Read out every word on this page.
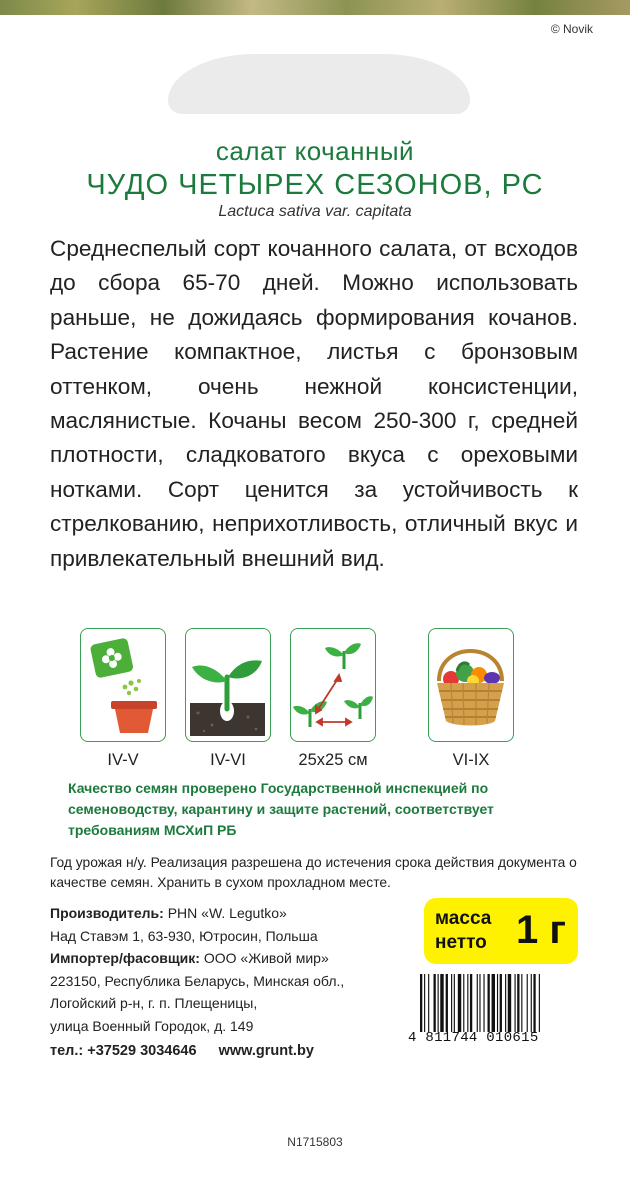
© Novik
салат кочанный
ЧУДО ЧЕТЫРЕХ СЕЗОНОВ, РС
Lactuca sativa var. capitata

Среднеспелый сорт кочанного салата, от всходов до сбора 65-70 дней. Можно использовать раньше, не дожидаясь формирования кочанов. Растение компактное, листья с бронзовым оттенком, очень нежной консистенции, маслянистые. Кочаны весом 250-300 г, средней плотности, сладковатого вкуса с ореховыми нотками. Сорт ценится за устойчивость к стрелкованию, неприхотливость, отличный вкус и привлекательный внешний вид.

IV-V	IV-VI	25x25 см	VI-IX
Качество семян проверено Государственной инспекцией по семеноводству, карантину и защите растений, соответствует требованиям МСХиП РБ
Год урожая н/у. Реализация разрешена до истечения срока действия документа о качестве семян. Хранить в сухом прохладном месте.
Производитель: PHN «W. Legutko»
Над Ставэм 1, 63-930, Ютросин, Польша
Импортер/фасовщик: ООО «Живой мир»
223150, Республика Беларусь, Минская обл.,
Логойский р-н, г. п. Плещеницы,
улица Военный Городок, д. 149
тел.: +37529 3034646 www.grunt.by
масса
нетто 1 г
4 811744 010615
N1715803
